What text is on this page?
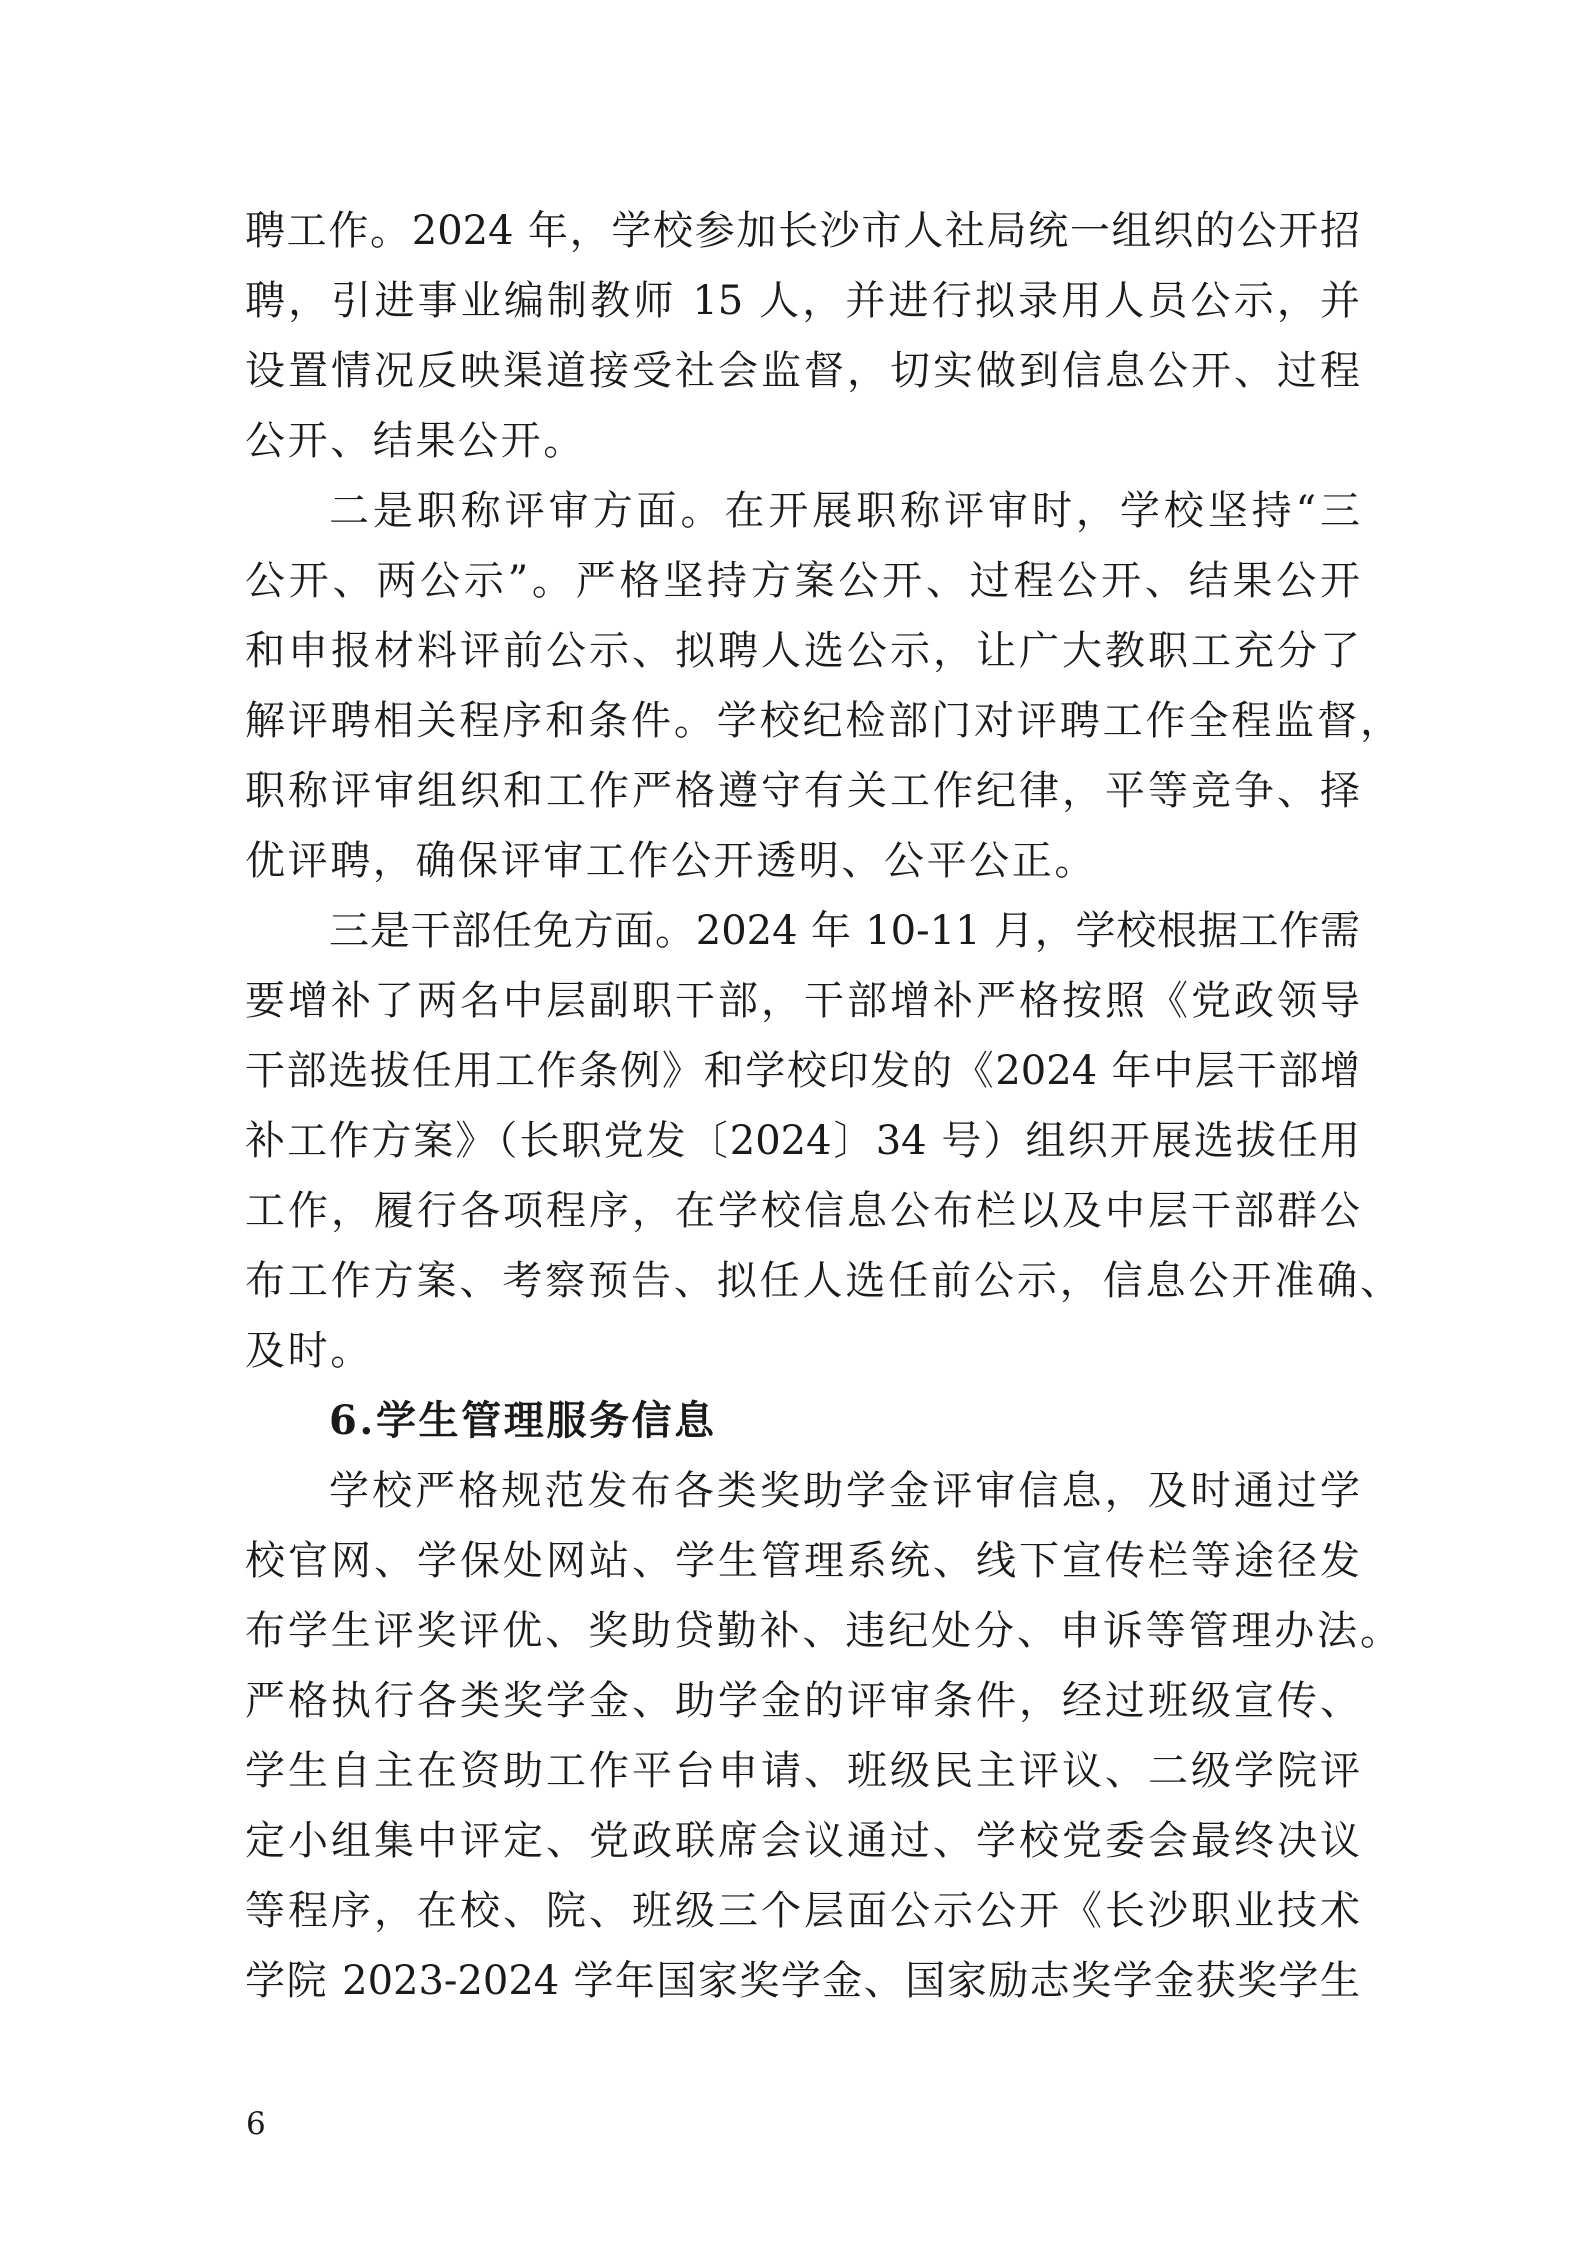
聘工作。2024 年，学校参加长沙市人社局统一组织的公开招
聘，引进事业编制教师 15 人，并进行拟录用人员公示，并
设置情况反映渠道接受社会监督，切实做到信息公开、过程
公开、结果公开。
二是职称评审方面。在开展职称评审时，学校坚持“三
公开、两公示”。严格坚持方案公开、过程公开、结果公开
和申报材料评前公示、拟聘人选公示，让广大教职工充分了
解评聘相关程序和条件。学校纪检部门对评聘工作全程监督，
职称评审组织和工作严格遵守有关工作纪律，平等竞争、择
优评聘，确保评审工作公开透明、公平公正。
三是干部任免方面。2024 年 10-11 月，学校根据工作需
要增补了两名中层副职干部，干部增补严格按照《党政领导
干部选拔任用工作条例》和学校印发的《2024 年中层干部增
补工作方案》（长职党发〔2024〕34 号）组织开展选拔任用
工作，履行各项程序，在学校信息公布栏以及中层干部群公
布工作方案、考察预告、拟任人选任前公示，信息公开准确、
及时。
6.学生管理服务信息
学校严格规范发布各类奖助学金评审信息，及时通过学
校官网、学保处网站、学生管理系统、线下宣传栏等途径发
布学生评奖评优、奖助贷勤补、违纪处分、申诉等管理办法。
严格执行各类奖学金、助学金的评审条件，经过班级宣传、
学生自主在资助工作平台申请、班级民主评议、二级学院评
定小组集中评定、党政联席会议通过、学校党委会最终决议
等程序，在校、院、班级三个层面公示公开《长沙职业技术
学院 2023-2024 学年国家奖学金、国家励志奖学金获奖学生
6
